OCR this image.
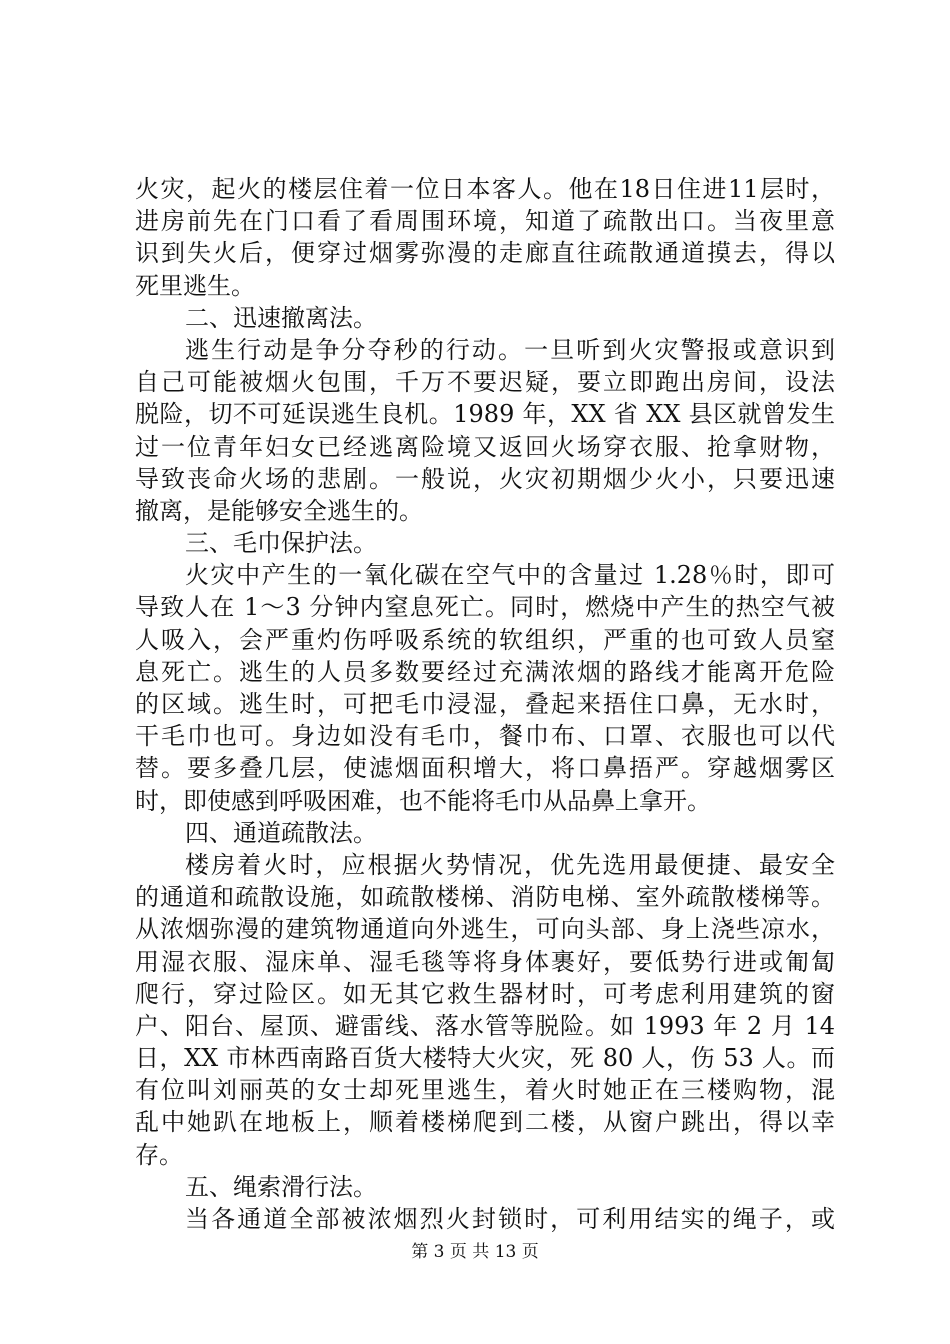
火灾，起火的楼层住着一位日本客人。他在18日住进11层时，
进房前先在门口看了看周围环境，知道了疏散出口。当夜里意
识到失火后，便穿过烟雾弥漫的走廊直往疏散通道摸去，得以
死里逃生。
二、迅速撤离法。
逃生行动是争分夺秒的行动。一旦听到火灾警报或意识到
自己可能被烟火包围，千万不要迟疑，要立即跑出房间，设法
脱险，切不可延误逃生良机。1989 年，XX 省 XX 县区就曾发生
过一位青年妇女已经逃离险境又返回火场穿衣服、抢拿财物，
导致丧命火场的悲剧。一般说，火灾初期烟少火小，只要迅速
撤离，是能够安全逃生的。
三、毛巾保护法。
火灾中产生的一氧化碳在空气中的含量过 1.28％时，即可
导致人在 1～3 分钟内窒息死亡。同时，燃烧中产生的热空气被
人吸入，会严重灼伤呼吸系统的软组织，严重的也可致人员窒
息死亡。逃生的人员多数要经过充满浓烟的路线才能离开危险
的区域。逃生时，可把毛巾浸湿，叠起来捂住口鼻，无水时，
干毛巾也可。身边如没有毛巾，餐巾布、口罩、衣服也可以代
替。要多叠几层，使滤烟面积增大，将口鼻捂严。穿越烟雾区
时，即使感到呼吸困难，也不能将毛巾从品鼻上拿开。
四、通道疏散法。
楼房着火时，应根据火势情况，优先选用最便捷、最安全
的通道和疏散设施，如疏散楼梯、消防电梯、室外疏散楼梯等。
从浓烟弥漫的建筑物通道向外逃生，可向头部、身上浇些凉水，
用湿衣服、湿床单、湿毛毯等将身体裹好，要低势行进或匍匐
爬行，穿过险区。如无其它救生器材时，可考虑利用建筑的窗
户、阳台、屋顶、避雷线、落水管等脱险。如 1993 年 2 月 14
日，XX 市林西南路百货大楼特大火灾，死 80 人，伤 53 人。而
有位叫刘丽英的女士却死里逃生，着火时她正在三楼购物，混
乱中她趴在地板上，顺着楼梯爬到二楼，从窗户跳出，得以幸
存。
五、绳索滑行法。
当各通道全部被浓烟烈火封锁时，可利用结实的绳子，或
第 3 页 共 13 页
